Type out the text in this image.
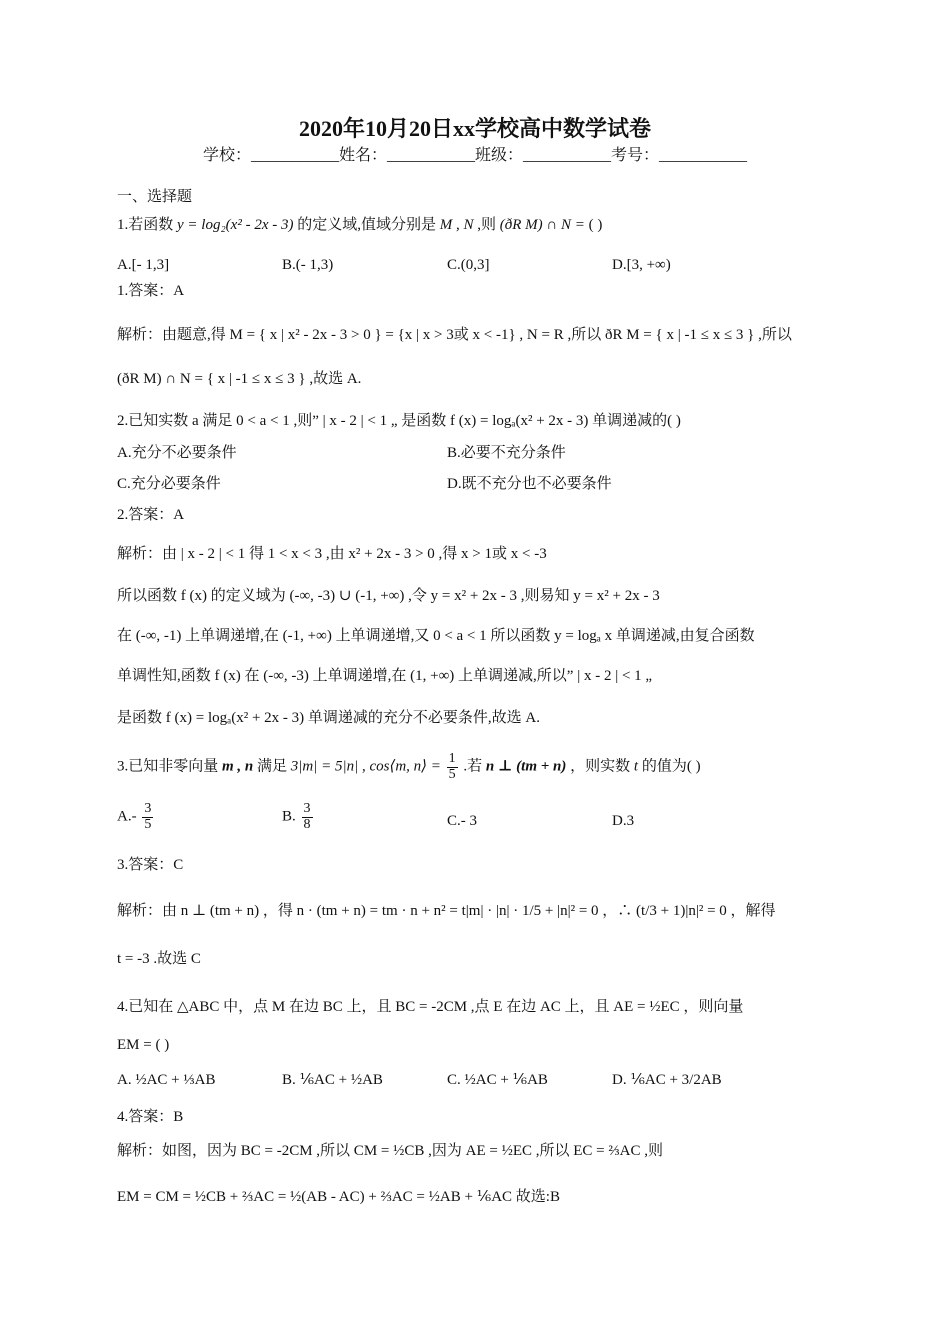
2020年10月20日xx学校高中数学试卷
学校：___________姓名：___________班级：___________考号：___________
一、选择题
1.若函数 y = log₂(x² - 2x - 3) 的定义域,值域分别是 M , N ,则 (ðR M) ∩ N = ( )
A.[- 1,3]	B.(- 1,3)	C.(0,3]	D.[3, +∞)
1.答案：A
解析：由题意,得 M = { x | x² - 2x - 3 > 0 } = {x | x > 3或 x < -1} , N = R ,所以 ðR M = { x | -1 ≤ x ≤ 3 } ,所以
(ðR M) ∩ N = { x | -1 ≤ x ≤ 3 } ,故选 A.
2.已知实数 a 满足 0 < a < 1 ,则” | x - 2 | < 1 „ 是函数 f (x) = logₐ(x² + 2x - 3) 单调递减的( )
A.充分不必要条件	B.必要不充分条件
C.充分必要条件	D.既不充分也不必要条件
2.答案：A
解析：由 | x - 2 | < 1 得 1 < x < 3 ,由 x² + 2x - 3 > 0 ,得 x > 1或 x < -3
所以函数 f (x) 的定义域为 (-∞, -3) ∪ (-1, +∞) ,令 y = x² + 2x - 3 ,则易知 y = x² + 2x - 3
在 (-∞, -1) 上单调递增,在 (-1, +∞) 上单调递增,又 0 < a < 1 所以函数 y = logₐ x 单调递减,由复合函数
单调性知,函数 f (x) 在 (-∞, -3) 上单调递增,在 (1, +∞) 上单调递减,所以” | x - 2 | < 1 „
是函数 f (x) = logₐ(x² + 2x - 3) 单调递减的充分不必要条件,故选 A.
3.已知非零向量 m , n 满足 3|m| = 5|n| , cos⟨m, n⟩ = $\frac{1}{5}$ .若 n ⊥ (tm + n) ，则实数 t 的值为( )
$A.- \frac{3}{5}$	B. $\frac{3}{8}$	C.- 3	D.3
3.答案：C
解析：由 n ⊥ (tm + n) ，得 n · (tm + n) = tm · n + n² = t|m| · |n| · 1/5 + |n|² = 0 ，∴ (t/3 + 1)|n|² = 0 ，解得
t = -3 .故选 C
4.已知在 △ABC 中，点 M 在边 BC 上，且 BC = -2CM ,点 E 在边 AC 上，且 AE = ½EC ，则向量
EM = ( )
A. ½AC + ⅓AB	B. ⅙AC + ½AB	C. ½AC + ⅙AB	D. ⅙AC + 3/2AB
4.答案：B
解析：如图，因为 BC = -2CM ,所以 CM = ½CB ,因为 AE = ½EC ,所以 EC = ⅔AC ,则
EM = CM = ½CB + ⅔AC = ½(AB - AC) + ⅔AC = ½AB + ⅙AC 故选:B
